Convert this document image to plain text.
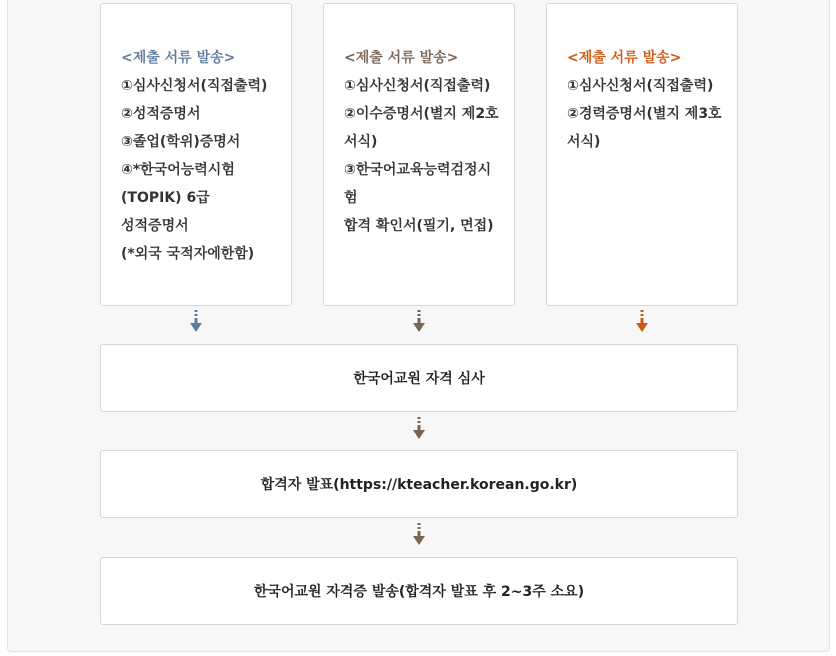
<제출 서류 발송>
①심사신청서(직접출력)
②성적증명서
③졸업(학위)증명서
④*한국어능력시험
(TOPIK) 6급
성적증명서
(*외국 국적자에한함)
<제출 서류 발송>
①심사신청서(직접출력)
②이수증명서(별지 제2호
서식)
③한국어교육능력검정시
험
합격 확인서(필기, 면접)
<제출 서류 발송>
①심사신청서(직접출력)
②경력증명서(별지 제3호
서식)
한국어교원 자격 심사
합격자 발표(https://kteacher.korean.go.kr)
한국어교원 자격증 발송(합격자 발표 후 2~3주 소요)
